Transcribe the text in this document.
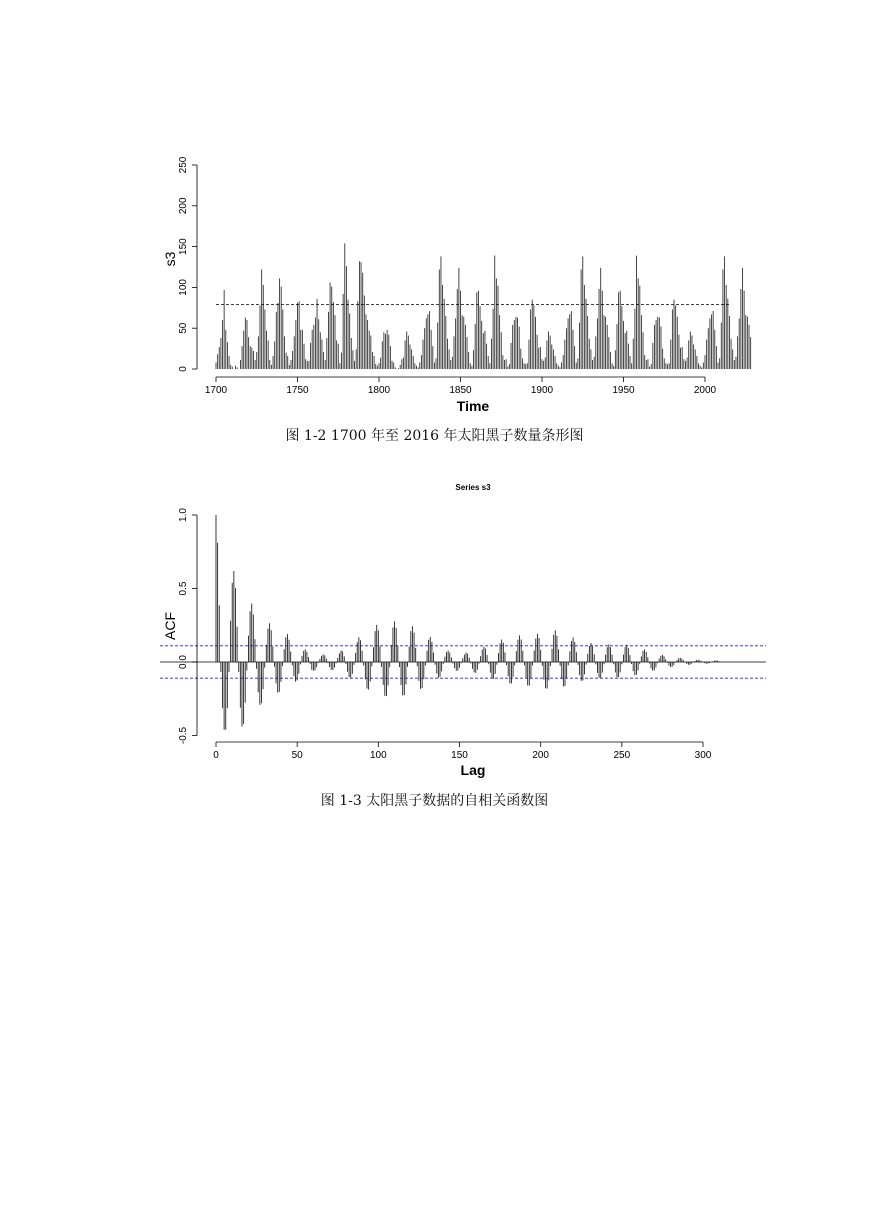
1700	1750	1800	1850	1900	1950	2000
0
50
100
150
200
250
Time
s3
图 1-2 1700 年至 2016 年太阳黑子数量条形图
Series s3
0	50	100	150	200	250	300
-0.5
0.0
0.5
1.0
Lag
ACF
图 1-3 太阳黑子数据的自相关函数图
